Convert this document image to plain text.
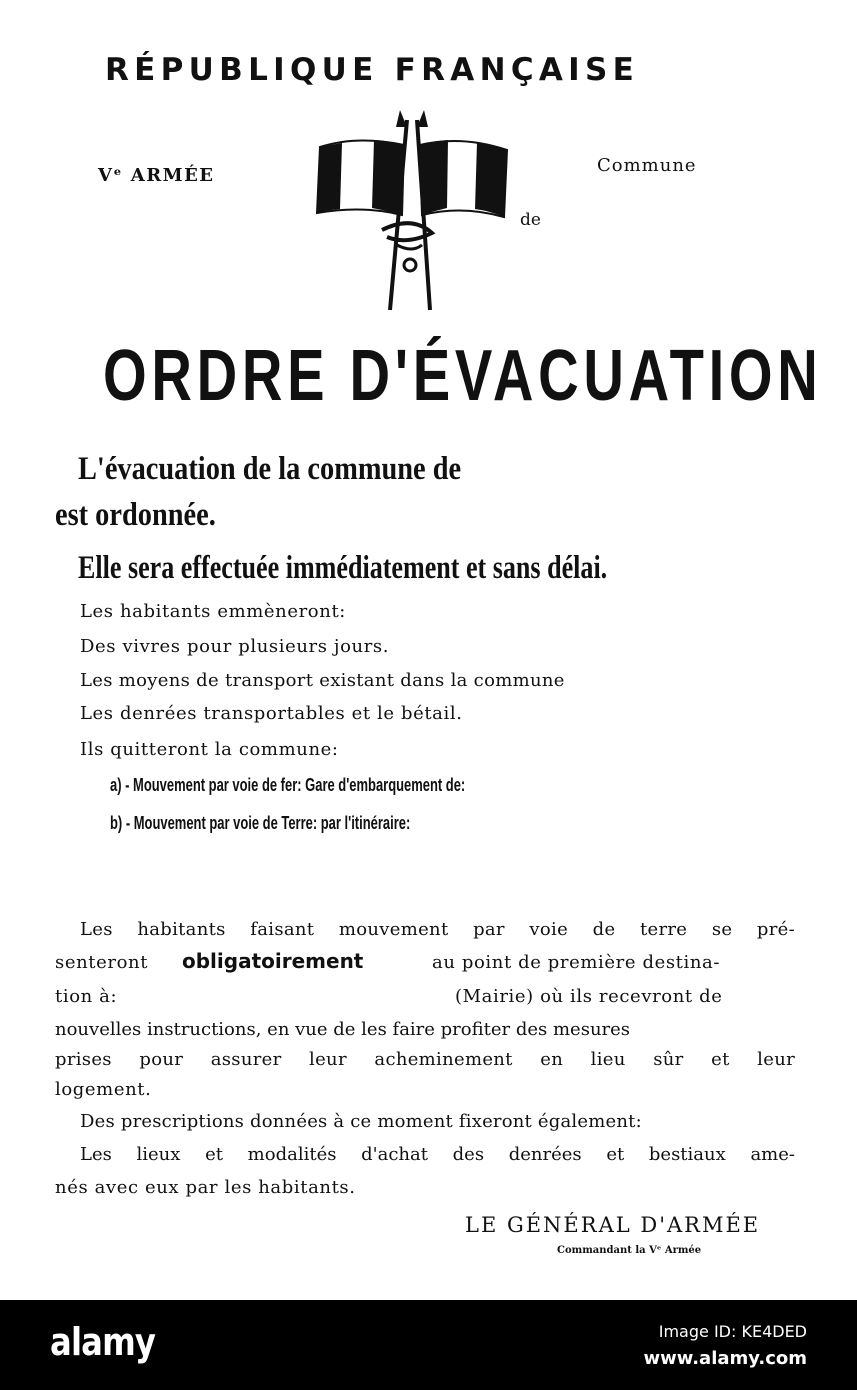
RÉPUBLIQUE FRANÇAISE
Vᵉ ARMÉE	Commune
de
ORDRE D'ÉVACUATION
L'évacuation de la commune de
est ordonnée.
Elle sera effectuée immédiatement et sans délai.
Les habitants emmèneront:
Des vivres pour plusieurs jours.
Les moyens de transport existant dans la commune
Les denrées transportables et le bétail.
Ils quitteront la commune:
a) - Mouvement par voie de fer: Gare d'embarquement de:
b) - Mouvement par voie de Terre: par l'itinéraire:
Les habitants faisant mouvement par voie de terre se pré-
senteront obligatoirement	au point de première destina-
tion à:	(Mairie) où ils recevront de
nouvelles instructions, en vue de les faire profiter des mesures
prises pour assurer leur acheminement en lieu sûr et leur
logement.
Des prescriptions données à ce moment fixeront également:
Les lieux et modalités d'achat des denrées et bestiaux ame-
nés avec eux par les habitants.
LE GÉNÉRAL D'ARMÉE
Commandant la Vᵉ Armée
alamy	Image ID: KE4DED
www.alamy.com
